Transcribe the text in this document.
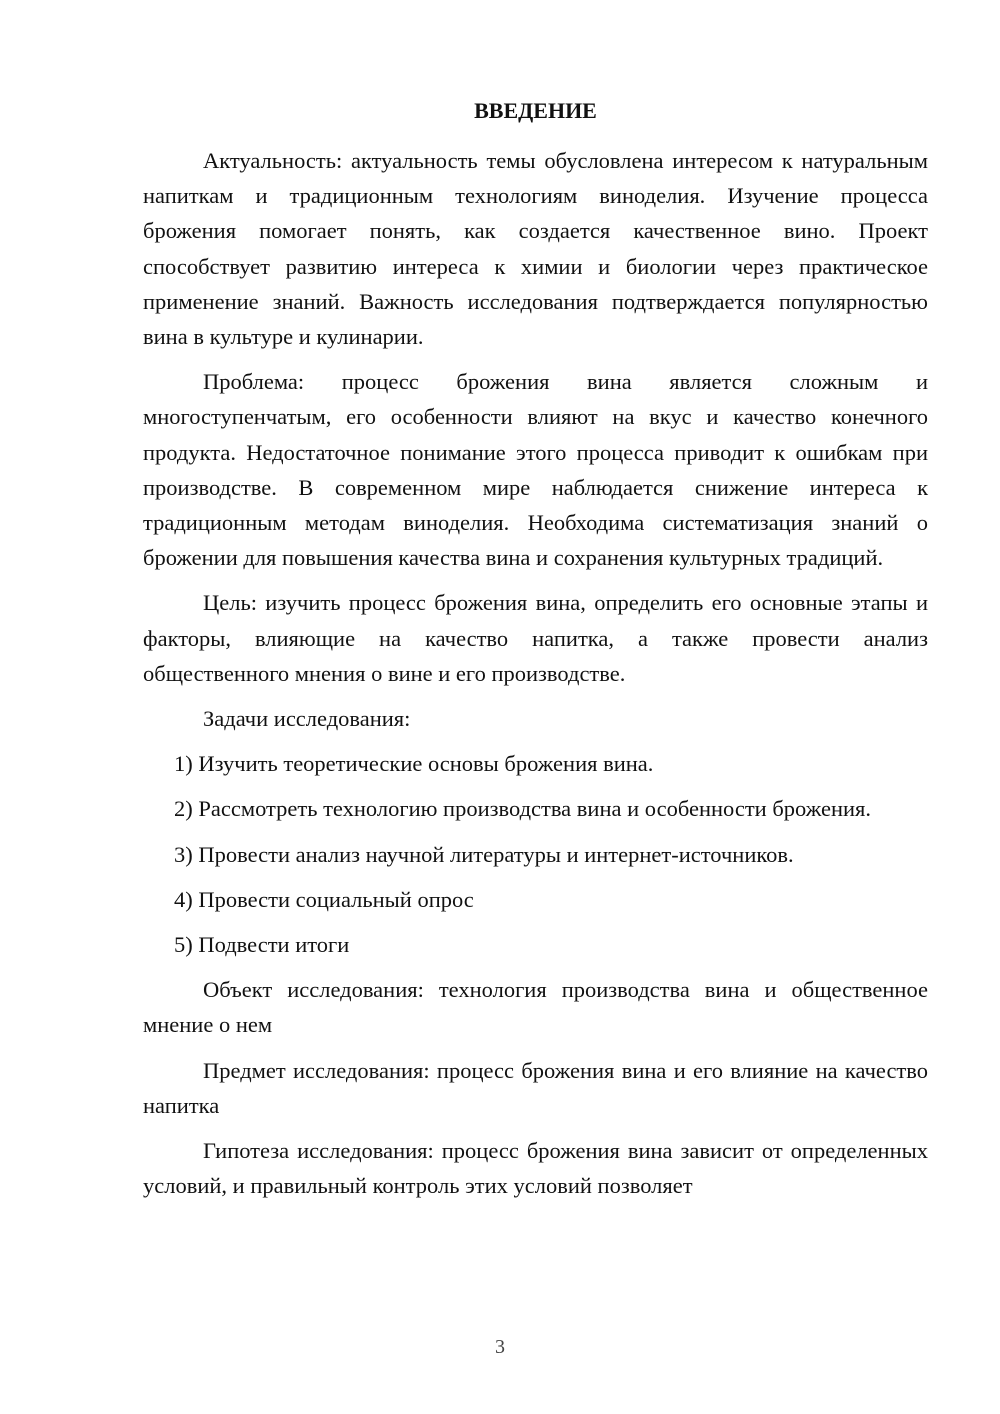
ВВЕДЕНИЕ

Актуальность: актуальность темы обусловлена интересом к натуральным напиткам и традиционным технологиям виноделия. Изучение процесса брожения помогает понять, как создается качественное вино. Проект способствует развитию интереса к химии и биологии через практическое применение знаний. Важность исследования подтверждается популярностью вина в культуре и кулинарии.

Проблема: процесс брожения вина является сложным и многоступенчатым, его особенности влияют на вкус и качество конечного продукта. Недостаточное понимание этого процесса приводит к ошибкам при производстве. В современном мире наблюдается снижение интереса к традиционным методам виноделия. Необходима систематизация знаний о брожении для повышения качества вина и сохранения культурных традиций.

Цель: изучить процесс брожения вина, определить его основные этапы и факторы, влияющие на качество напитка, а также провести анализ общественного мнения о вине и его производстве.

Задачи исследования:

1) Изучить теоретические основы брожения вина.

2) Рассмотреть технологию производства вина и особенности брожения.

3) Провести анализ научной литературы и интернет-источников.

4) Провести социальный опрос

5) Подвести итоги

Объект исследования: технология производства вина и общественное мнение о нем

Предмет исследования: процесс брожения вина и его влияние на качество напитка

Гипотеза исследования: процесс брожения вина зависит от определенных условий, и правильный контроль этих условий позволяет

3
